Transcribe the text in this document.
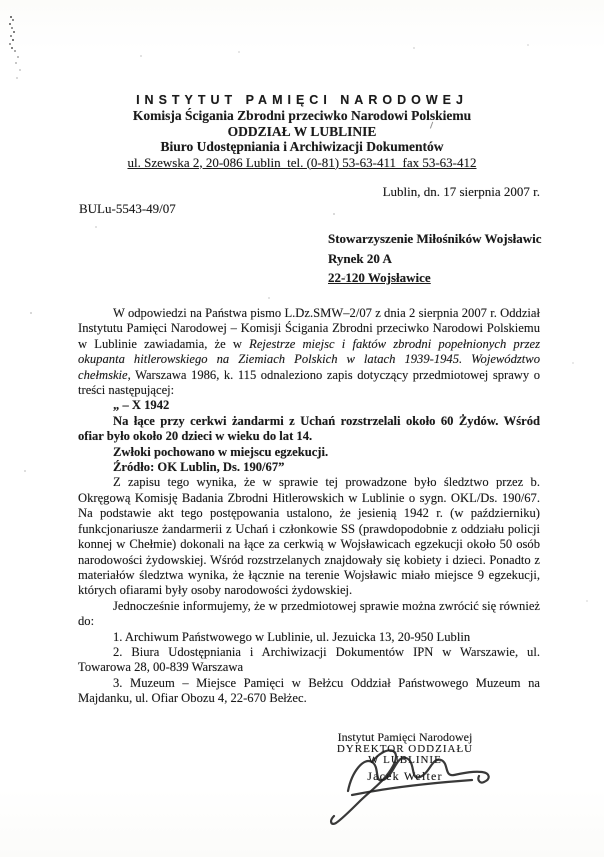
INSTYTUT PAMIĘCI NARODOWEJ
Komisja Ścigania Zbrodni przeciwko Narodowi Polskiemu
ODDZIAŁ W LUBLINIE
Biuro Udostępniania i Archiwizacji Dokumentów
ul. Szewska 2, 20-086 Lublin  tel. (0-81) 53-63-411  fax 53-63-412
Lublin, dn. 17 sierpnia 2007 r.
BULu-5543-49/07
Stowarzyszenie Miłośników Wojsławic
Rynek 20 A
22-120 Wojsławice

W odpowiedzi na Państwa pismo L.Dz.SMW–2/07 z dnia 2 sierpnia 2007 r. Oddział Instytutu Pamięci Narodowej – Komisji Ścigania Zbrodni przeciwko Narodowi Polskiemu w Lublinie zawiadamia, że w Rejestrze miejsc i faktów zbrodni popełnionych przez okupanta hitlerowskiego na Ziemiach Polskich w latach 1939-1945. Województwo chełmskie, Warszawa 1986, k. 115 odnaleziono zapis dotyczący przedmiotowej sprawy o treści następującej:

„ – X 1942

Na łące przy cerkwi żandarmi z Uchań rozstrzelali około 60 Żydów. Wśród ofiar było około 20 dzieci w wieku do lat 14.

Zwłoki pochowano w miejscu egzekucji.

Źródło: OK Lublin, Ds. 190/67”

Z zapisu tego wynika, że w sprawie tej prowadzone było śledztwo przez b. Okręgową Komisję Badania Zbrodni Hitlerowskich w Lublinie o sygn. OKL/Ds. 190/67. Na podstawie akt tego postępowania ustalono, że jesienią 1942 r. (w październiku) funkcjonariusze żandarmerii z Uchań i członkowie SS (prawdopodobnie z oddziału policji konnej w Chełmie) dokonali na łące za cerkwią w Wojsławicach egzekucji około 50 osób narodowości żydowskiej. Wśród rozstrzelanych znajdowały się kobiety i dzieci. Ponadto z materiałów śledztwa wynika, że łącznie na terenie Wojsławic miało miejsce 9 egzekucji, których ofiarami były osoby narodowości żydowskiej.

Jednocześnie informujemy, że w przedmiotowej sprawie można zwrócić się również do:

1. Archiwum Państwowego w Lublinie, ul. Jezuicka 13, 20-950 Lublin

2. Biura Udostępniania i Archiwizacji Dokumentów IPN w Warszawie, ul. Towarowa 28, 00-839 Warszawa

3. Muzeum – Miejsce Pamięci w Bełżcu Oddział Państwowego Muzeum na Majdanku, ul. Ofiar Obozu 4, 22-670 Bełżec.

Instytut Pamięci Narodowej
DYREKTOR ODDZIAŁU
W LUBLINIE
Jacek Welter
